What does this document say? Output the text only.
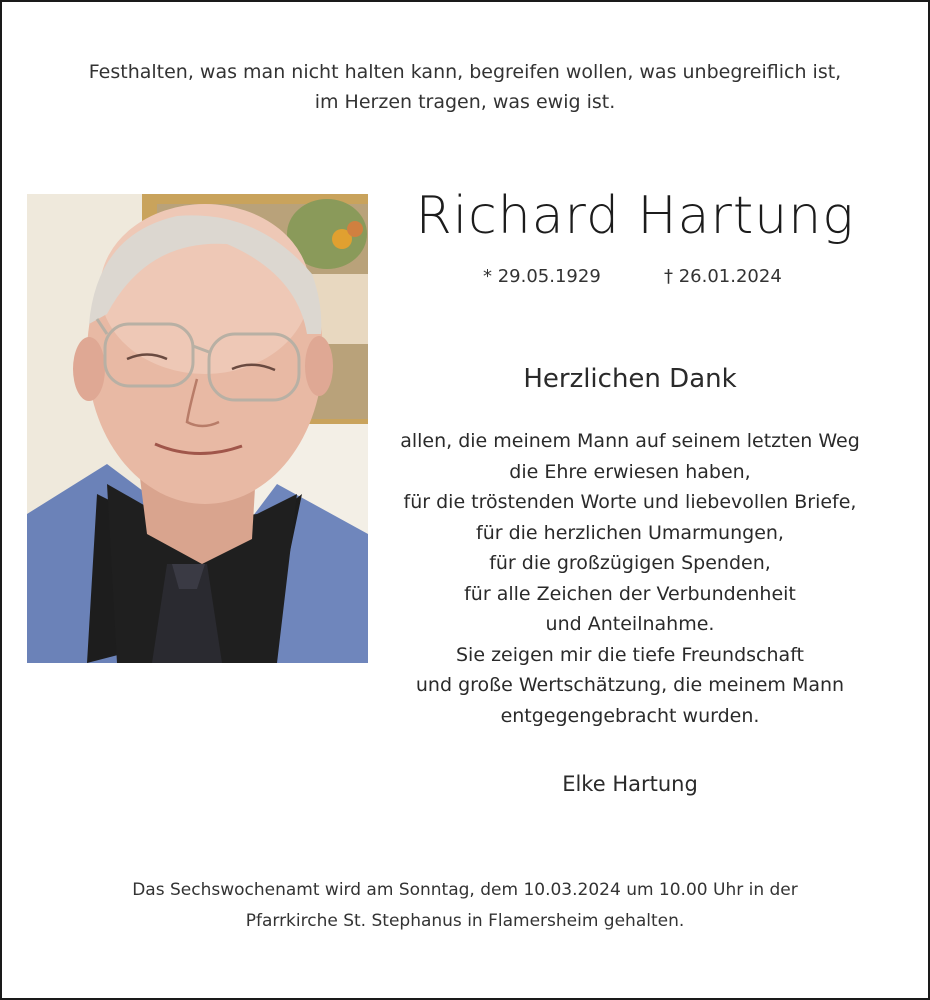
Festhalten, was man nicht halten kann, begreifen wollen, was unbegreiflich ist,
im Herzen tragen, was ewig ist.
Richard Hartung
* 29.05.1929	† 26.01.2024
Herzlichen Dank
allen, die meinem Mann auf seinem letzten Weg
die Ehre erwiesen haben,
für die tröstenden Worte und liebevollen Briefe,
für die herzlichen Umarmungen,
für die großzügigen Spenden,
für alle Zeichen der Verbundenheit
und Anteilnahme.
Sie zeigen mir die tiefe Freundschaft
und große Wertschätzung, die meinem Mann
entgegengebracht wurden.
Elke Hartung
Das Sechswochenamt wird am Sonntag, dem 10.03.2024 um 10.00 Uhr in der
Pfarrkirche St. Stephanus in Flamersheim gehalten.
